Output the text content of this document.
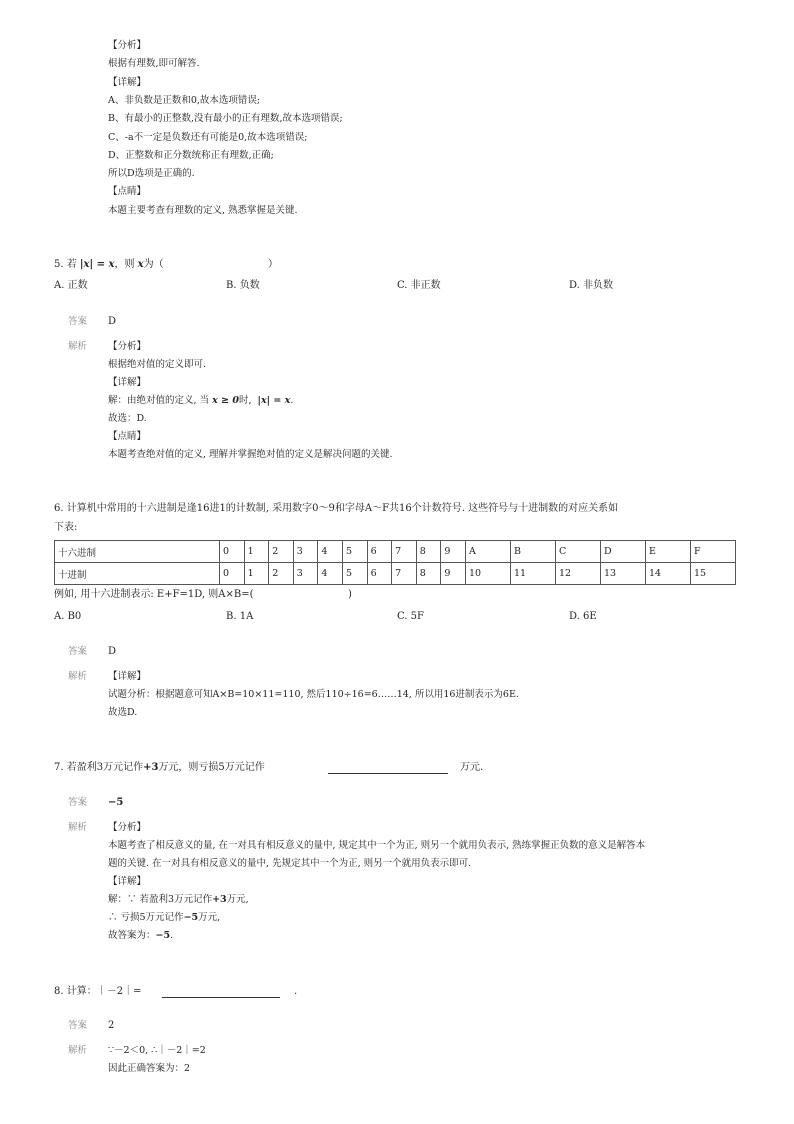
【分析】
根据有理数,即可解答.
【详解】
A、非负数是正数和0,故本选项错误;
B、有最小的正整数,没有最小的正有理数,故本选项错误;
C、-a不一定是负数还有可能是0,故本选项错误;
D、正整数和正分数统称正有理数,正确;
所以D选项是正确的.
【点睛】
本题主要考查有理数的定义, 熟悉掌握是关键.
5. 若 |x| = x，则 x为（	）
A. 正数	B. 负数	C. 非正数	D. 非负数
答案 D
解析 【分析】
根据绝对值的定义即可.
【详解】
解：由绝对值的定义, 当 x ≥ 0时, |x| = x.
故选：D.
【点睛】
本题考查绝对值的定义, 理解并掌握绝对值的定义是解决问题的关键.
6. 计算机中常用的十六进制是逢16进1的计数制, 采用数字0～9和字母A～F共16个计数符号. 这些符号与十进制数的对应关系如
下表:
十六进制	0	1	2	3	4	5	6	7	8	9	A	B	C	D	E	F
十进制	0	1	2	3	4	5	6	7	8	9	10	11	12	13	14	15
例如, 用十六进制表示: E+F=1D, 则A×B=(	)
A. B0	B. 1A	C. 5F	D. 6E
答案 D
解析 【详解】
试题分析：根据题意可知A×B=10×11=110, 然后110÷16=6……14, 所以用16进制表示为6E.
故选D.
7. 若盈利3万元记作+3万元，则亏损5万元记作	万元.
答案 −5
解析 【分析】
本题考查了相反意义的量, 在一对具有相反意义的量中, 规定其中一个为正, 则另一个就用负表示, 熟练掌握正负数的意义是解答本
题的关键. 在一对具有相反意义的量中, 先规定其中一个为正, 则另一个就用负表示即可.
【详解】
解：∵ 若盈利3万元记作+3万元,
∴ 亏损5万元记作−5万元,
故答案为：−5.
8. 计算：｜－2｜=	.
答案 2
解析 ∵－2＜0, ∴｜－2｜=2
因此正确答案为：2
